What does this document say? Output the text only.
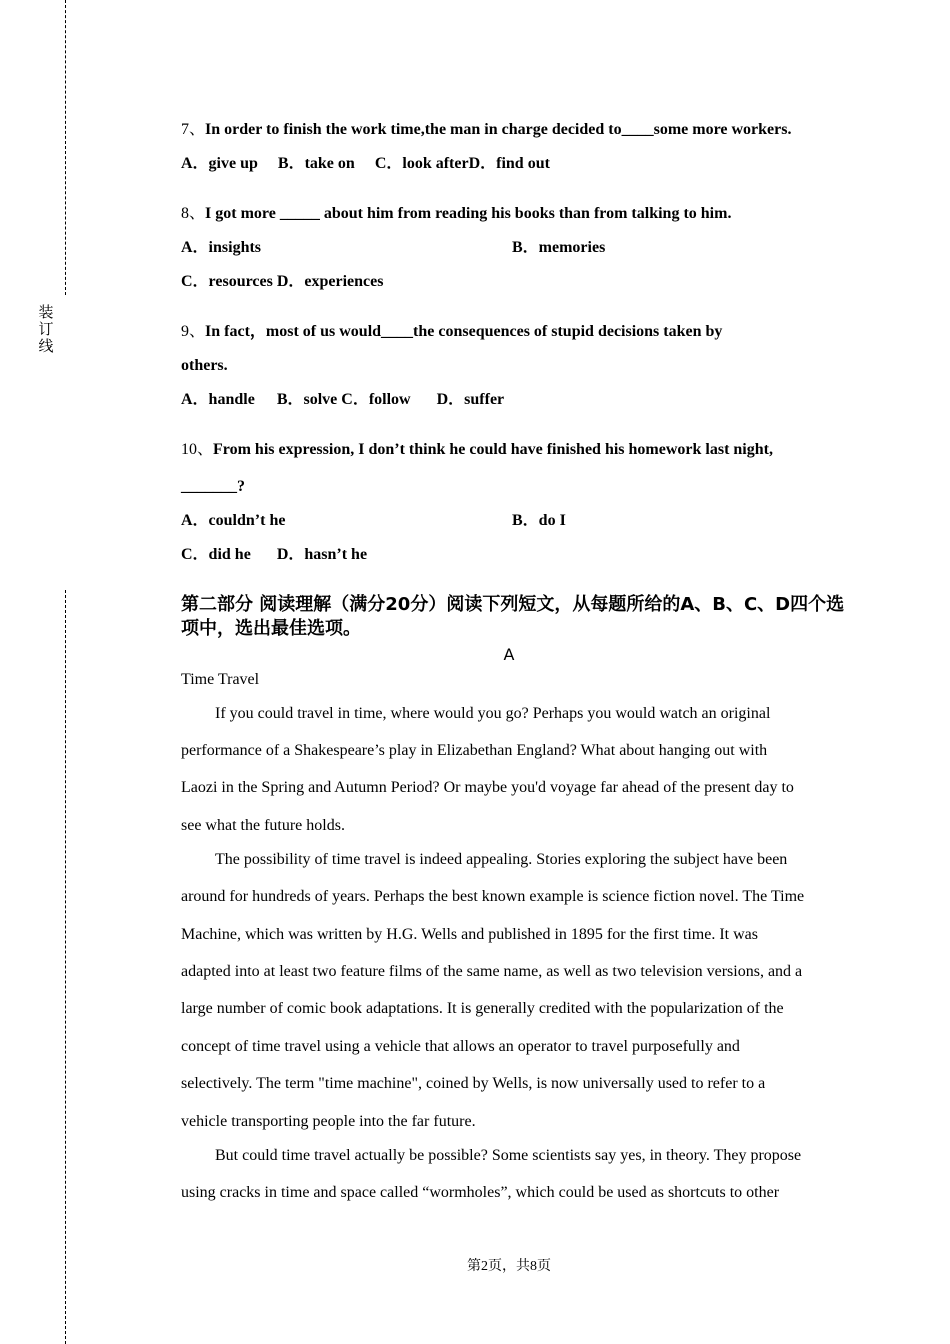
装订线
7、In order to finish the work time,the man in charge decided to____some more workers.
A．give up B．take on C．look afterD．find out
8、I got more _____ about him from reading his books than from talking to him.
A．insights	B．memories
C．resources D．experiences
9、In fact，most of us would____the consequences of stupid decisions taken by
others.
A．handle B．solve C．follow D．suffer
10、From his expression, I don’t think he could have finished his homework last night,
_______?
A．couldn’t he	B．do I
C．did he D．hasn’t he
第二部分 阅读理解（满分20分）阅读下列短文，从每题所给的A、B、C、D四个选项中，选出最佳选项。
A
Time Travel
If you could travel in time, where would you go? Perhaps you would watch an original
performance of a Shakespeare’s play in Elizabethan England? What about hanging out with
Laozi in the Spring and Autumn Period? Or maybe you'd voyage far ahead of the present day to
see what the future holds.
The possibility of time travel is indeed appealing. Stories exploring the subject have been
around for hundreds of years. Perhaps the best known example is science fiction novel. The Time
Machine, which was written by H.G. Wells and published in 1895 for the first time. It was
adapted into at least two feature films of the same name, as well as two television versions, and a
large number of comic book adaptations. It is generally credited with the popularization of the
concept of time travel using a vehicle that allows an operator to travel purposefully and
selectively. The term "time machine", coined by Wells, is now universally used to refer to a
vehicle transporting people into the far future.
But could time travel actually be possible? Some scientists say yes, in theory. They propose
using cracks in time and space called “wormholes”, which could be used as shortcuts to other
第2页，共8页
